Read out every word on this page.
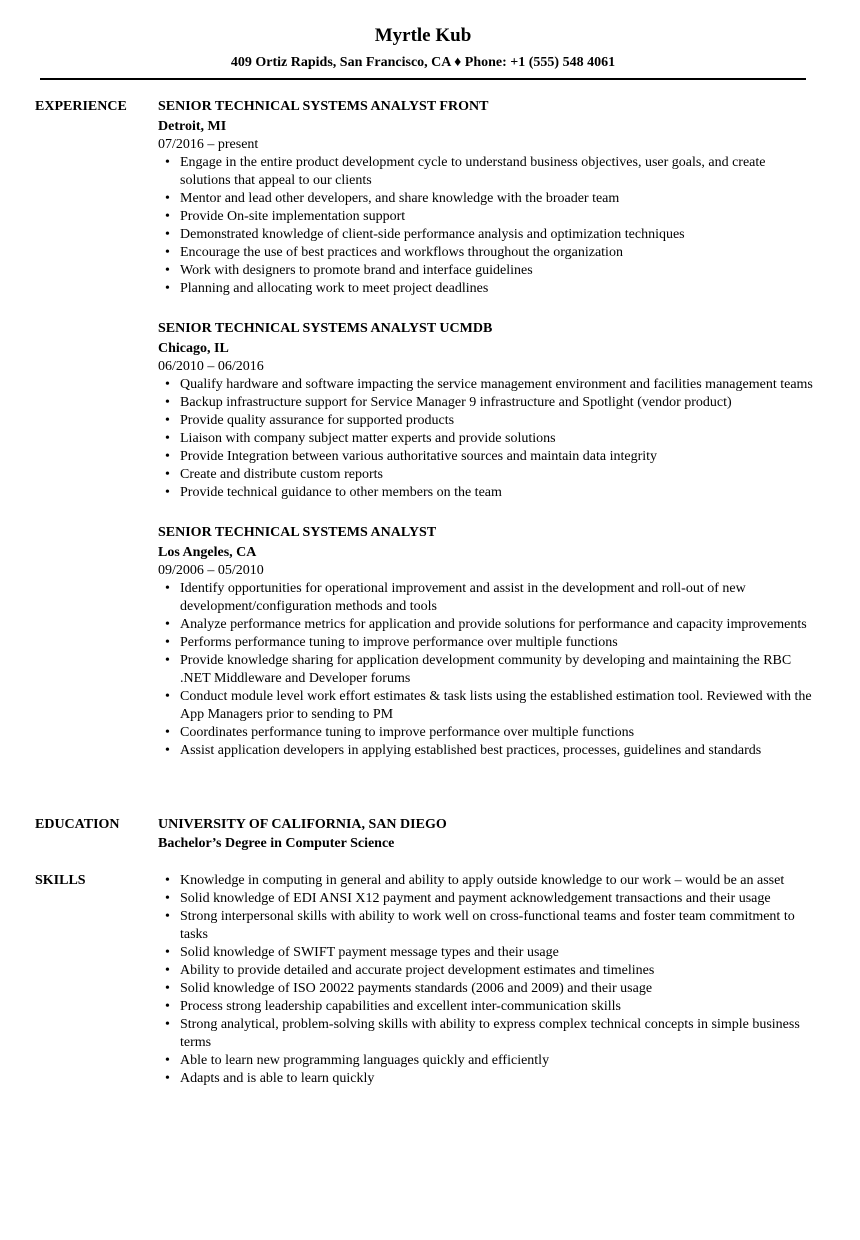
Myrtle Kub
409 Ortiz Rapids, San Francisco, CA ♦ Phone: +1 (555) 548 4061
EXPERIENCE	SENIOR TECHNICAL SYSTEMS ANALYST FRONT
Detroit, MI
07/2016 – present
• Engage in the entire product development cycle to understand business objectives, user goals, and create solutions that appeal to our clients
• Mentor and lead other developers, and share knowledge with the broader team
• Provide On-site implementation support
• Demonstrated knowledge of client-side performance analysis and optimization techniques
• Encourage the use of best practices and workflows throughout the organization
• Work with designers to promote brand and interface guidelines
• Planning and allocating work to meet project deadlines
SENIOR TECHNICAL SYSTEMS ANALYST UCMDB
Chicago, IL
06/2010 – 06/2016
• Qualify hardware and software impacting the service management environment and facilities management teams
• Backup infrastructure support for Service Manager 9 infrastructure and Spotlight (vendor product)
• Provide quality assurance for supported products
• Liaison with company subject matter experts and provide solutions
• Provide Integration between various authoritative sources and maintain data integrity
• Create and distribute custom reports
• Provide technical guidance to other members on the team
SENIOR TECHNICAL SYSTEMS ANALYST
Los Angeles, CA
09/2006 – 05/2010
• Identify opportunities for operational improvement and assist in the development and roll-out of new development/configuration methods and tools
• Analyze performance metrics for application and provide solutions for performance and capacity improvements
• Performs performance tuning to improve performance over multiple functions
• Provide knowledge sharing for application development community by developing and maintaining the RBC .NET Middleware and Developer forums
• Conduct module level work effort estimates & task lists using the established estimation tool. Reviewed with the App Managers prior to sending to PM
• Coordinates performance tuning to improve performance over multiple functions
• Assist application developers in applying established best practices, processes, guidelines and standards
EDUCATION	UNIVERSITY OF CALIFORNIA, SAN DIEGO
Bachelor’s Degree in Computer Science
SKILLS
•	Knowledge in computing in general and ability to apply outside knowledge to our work – would be an asset
• Solid knowledge of EDI ANSI X12 payment and payment acknowledgement transactions and their usage
• Strong interpersonal skills with ability to work well on cross-functional teams and foster team commitment to tasks
• Solid knowledge of SWIFT payment message types and their usage
• Ability to provide detailed and accurate project development estimates and timelines
• Solid knowledge of ISO 20022 payments standards (2006 and 2009) and their usage
• Process strong leadership capabilities and excellent inter-communication skills
• Strong analytical, problem-solving skills with ability to express complex technical concepts in simple business terms
• Able to learn new programming languages quickly and efficiently
• Adapts and is able to learn quickly
